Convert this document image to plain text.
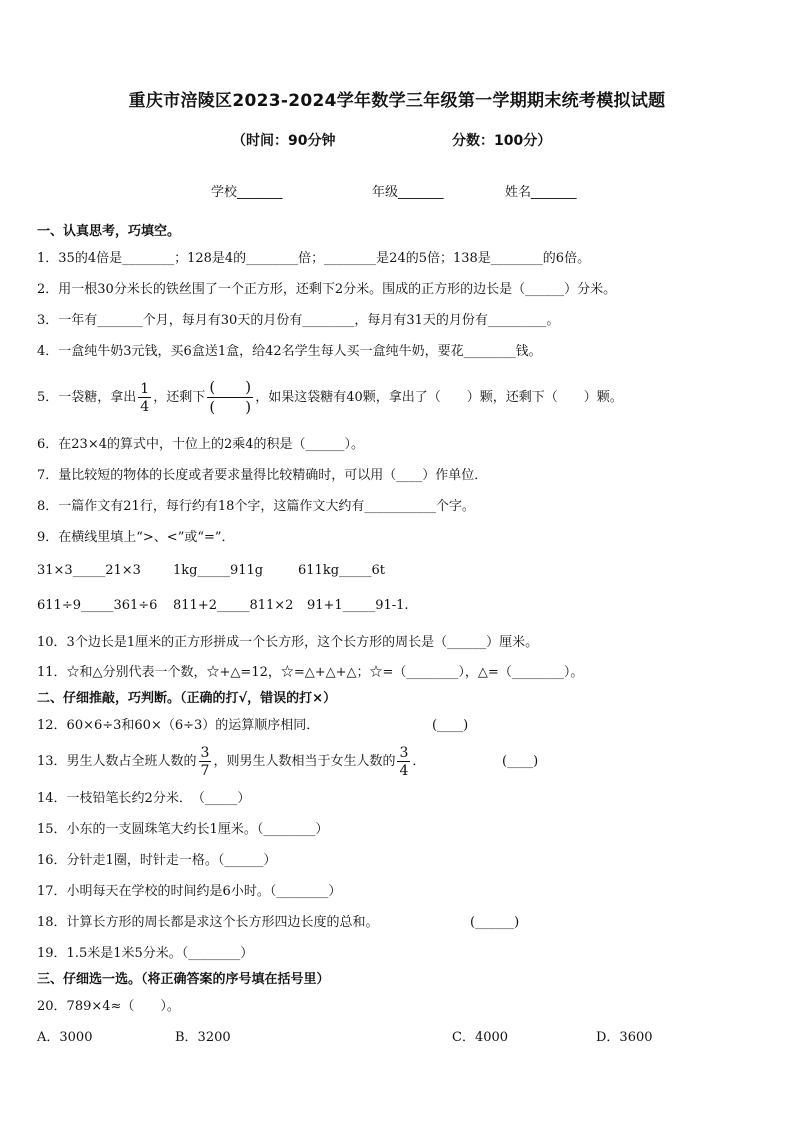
重庆市涪陵区2023-2024学年数学三年级第一学期期末统考模拟试题
（时间：90分钟	分数：100分）
学校_______	年级_______	姓名_______
一、认真思考，巧填空。
1．35的4倍是________；128是4的________倍；________是24的5倍；138是________的6倍。
2．用一根30分米长的铁丝围了一个正方形，还剩下2分米。围成的正方形的边长是（______）分米。
3．一年有_______个月，每月有30天的月份有________，每月有31天的月份有_________。
4．一盒纯牛奶3元钱，买6盒送1盒，给42名学生每人买一盒纯牛奶，要花________钱。
5．一袋糖，拿出 $\frac{1}{4}$ ，还剩下 $\frac{( )}{( )}$ ，如果这袋糖有40颗，拿出了（　　）颗，还剩下（　　）颗。
6．在23×4的算式中，十位上的2乘4的积是（______）。
7．量比较短的物体的长度或者要求量得比较精确时，可以用（____）作单位．
8．一篇作文有21行，每行约有18个字，这篇作文大约有___________个字。
9．在横线里填上“>、<”或“=”．
31×3_____21×3 1kg_____911g	611kg_____6t
611÷9_____361÷6 811+2_____811×2 91+1_____91-1.
10．3个边长是1厘米的正方形拼成一个长方形，这个长方形的周长是（______）厘米。
11．☆和△分别代表一个数，☆+△=12，☆=△+△+△；☆=（________），△=（________）。
二、仔细推敲，巧判断。（正确的打√，错误的打×）
12．60×6÷3和60×（6÷3）的运算顺序相同．	(____)
13．男生人数占全班人数的 $\frac{3}{7}$ ，则男生人数相当于女生人数的 $\frac{3}{4}$ ．	(____)
14．一枝铅笔长约2分米．　（_____）
15．小东的一支圆珠笔大约长1厘米。（________）
16．分针走1圈，时针走一格。（______）
17．小明每天在学校的时间约是6小时。（________）
18．计算长方形的周长都是求这个长方形四边长度的总和。	(______)
19．1.5米是1米5分米。（________）
三、仔细选一选。（将正确答案的序号填在括号里）
20．789×4≈（　　）。
A．3000	B．3200	C．4000	D．3600
